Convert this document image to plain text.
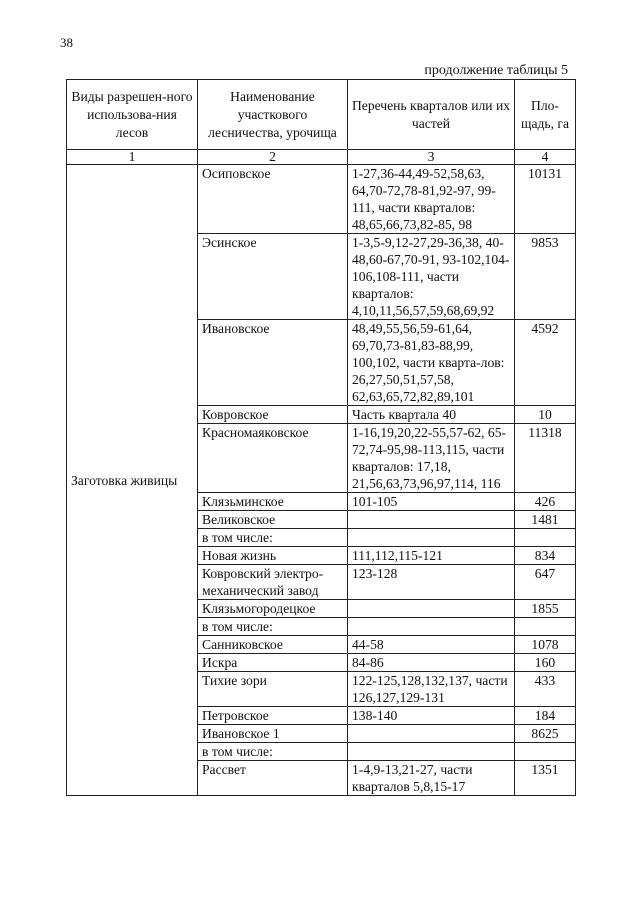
38
продолжение таблицы 5
Виды разрешен-ного использова-ния лесов	Наименование участкового лесничества, урочища	Перечень кварталов или их частей	Пло-щадь, га
1	2	3	4
Заготовка живицы	Осиповское	1-27,36-44,49-52,58,63, 64,70-72,78-81,92-97, 99-111, части кварталов: 48,65,66,73,82-85, 98	10131
	Эсинское	1-3,5-9,12-27,29-36,38, 40-48,60-67,70-91, 93-102,104-106,108-111, части кварталов: 4,10,11,56,57,59,68,69,92	9853
	Ивановское	48,49,55,56,59-61,64, 69,70,73-81,83-88,99, 100,102, части кварта-лов: 26,27,50,51,57,58, 62,63,65,72,82,89,101	4592
	Ковровское	Часть квартала 40	10
	Красномаяковское	1-16,19,20,22-55,57-62, 65-72,74-95,98-113,115, части кварталов: 17,18, 21,56,63,73,96,97,114, 116	11318
	Клязьминское	101-105	426
	Великовское		1481
	в том числе:		
	Новая жизнь	111,112,115-121	834
	Ковровский электро-механический завод	123-128	647
	Клязьмогородецкое		1855
	в том числе:		
	Санниковское	44-58	1078
	Искра	84-86	160
	Тихие зори	122-125,128,132,137, части 126,127,129-131	433
	Петровское	138-140	184
	Ивановское 1		8625
	в том числе:		
	Рассвет	1-4,9-13,21-27, части кварталов 5,8,15-17	1351
